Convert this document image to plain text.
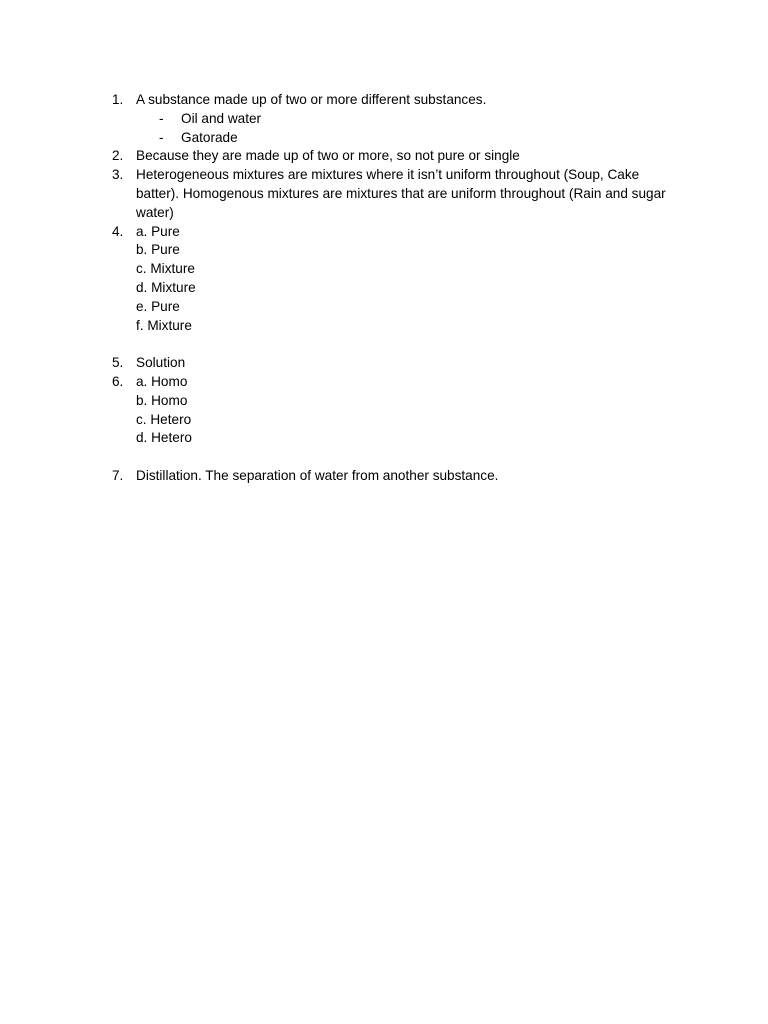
1. A substance made up of two or more different substances.
- Oil and water
- Gatorade
2. Because they are made up of two or more, so not pure or single
3. Heterogeneous mixtures are mixtures where it isn’t uniform throughout (Soup, Cake
batter). Homogenous mixtures are mixtures that are uniform throughout (Rain and sugar
water)
4. a. Pure
b. Pure
c. Mixture
d. Mixture
e. Pure
f. Mixture
5. Solution
6. a. Homo
b. Homo
c. Hetero
d. Hetero
7. Distillation. The separation of water from another substance.
